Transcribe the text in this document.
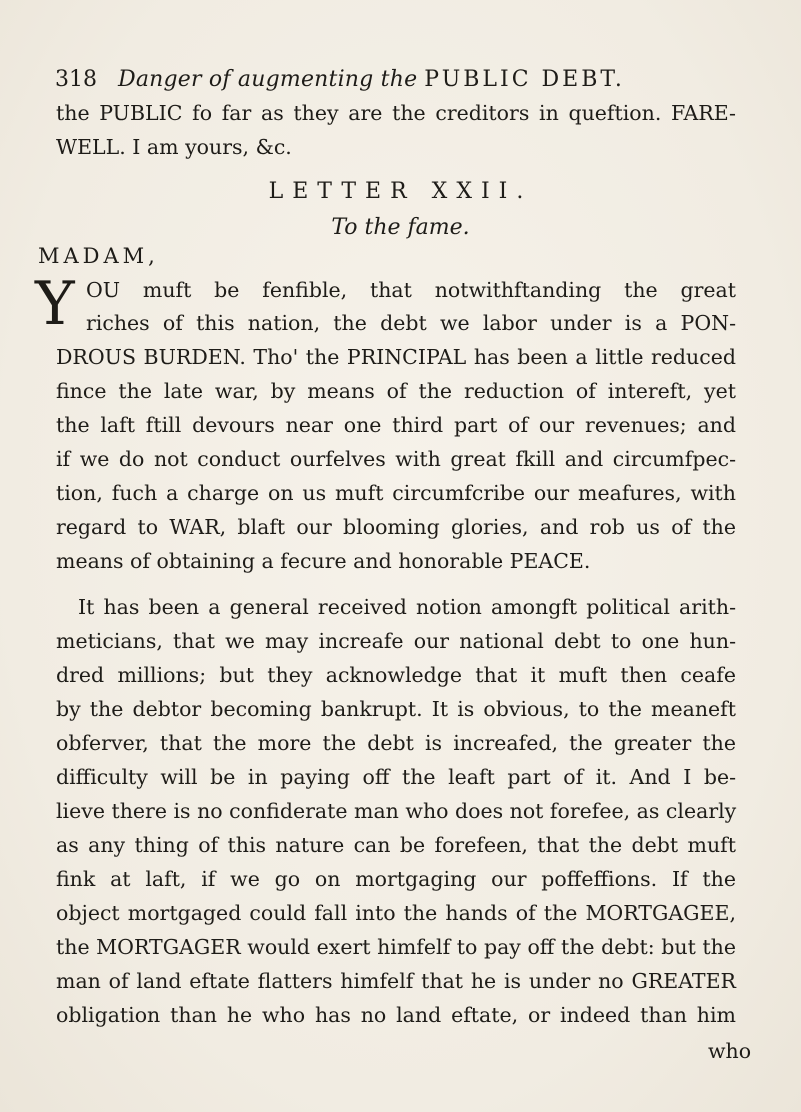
318 Danger of augmenting the PUBLIC DEBT.
the PUBLIC fo far as they are the creditors in queftion. FARE-
WELL. I am yours, &c.
LETTER XXII.
To the fame.
MADAM,
Y OU muft be fenfible, that notwithftanding the great
riches of this nation, the debt we labor under is a PON-
DROUS BURDEN. Tho' the PRINCIPAL has been a little reduced
fince the late war, by means of the reduction of intereft, yet
the laft ftill devours near one third part of our revenues; and
if we do not conduct ourfelves with great fkill and circumfpec-
tion, fuch a charge on us muft circumfcribe our meafures, with
regard to WAR, blaft our blooming glories, and rob us of the
means of obtaining a fecure and honorable PEACE.
It has been a general received notion amongft political arith-
meticians, that we may increafe our national debt to one hun-
dred millions; but they acknowledge that it muft then ceafe
by the debtor becoming bankrupt. It is obvious, to the meaneft
obferver, that the more the debt is increafed, the greater the
difficulty will be in paying off the leaft part of it. And I be-
lieve there is no confiderate man who does not forefee, as clearly
as any thing of this nature can be forefeen, that the debt muft
fink at laft, if we go on mortgaging our poffeffions. If the
object mortgaged could fall into the hands of the MORTGAGEE,
the MORTGAGER would exert himfelf to pay off the debt: but the
man of land eftate flatters himfelf that he is under no GREATER
obligation than he who has no land eftate, or indeed than him
who
